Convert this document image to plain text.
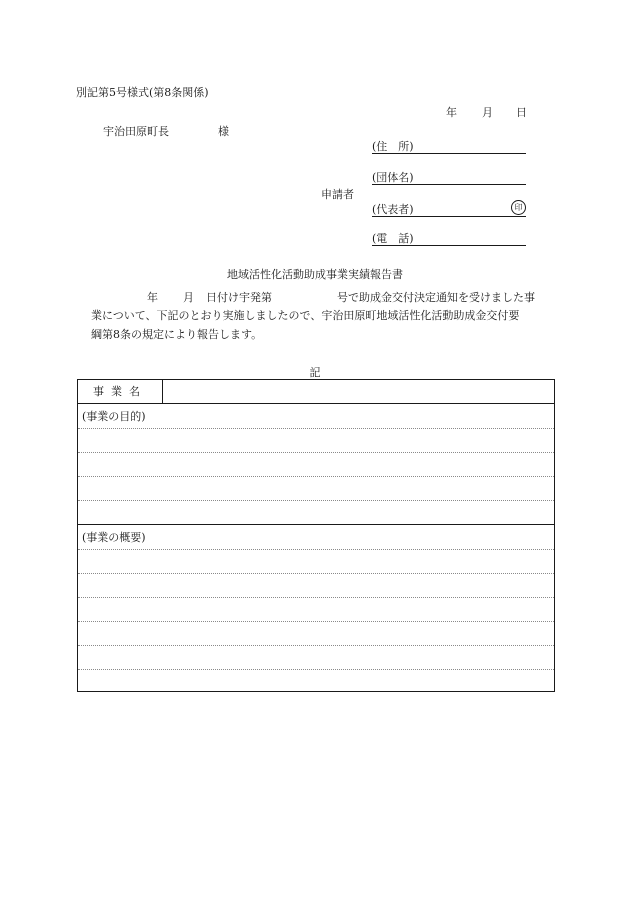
別記第5号様式(第8条関係)
年 月 日
宇治田原町長	様
申請者
(住　所)
(団体名)
(代表者)	印
(電　話)
地域活性化活動助成事業実績報告書
年 月 日付け宇発第	号で助成金交付決定通知を受けました事
業について、下記のとおり実施しましたので、宇治田原町地域活性化活動助成金交付要
綱第8条の規定により報告します。
記
事業名
(事業の目的)
(事業の概要)
